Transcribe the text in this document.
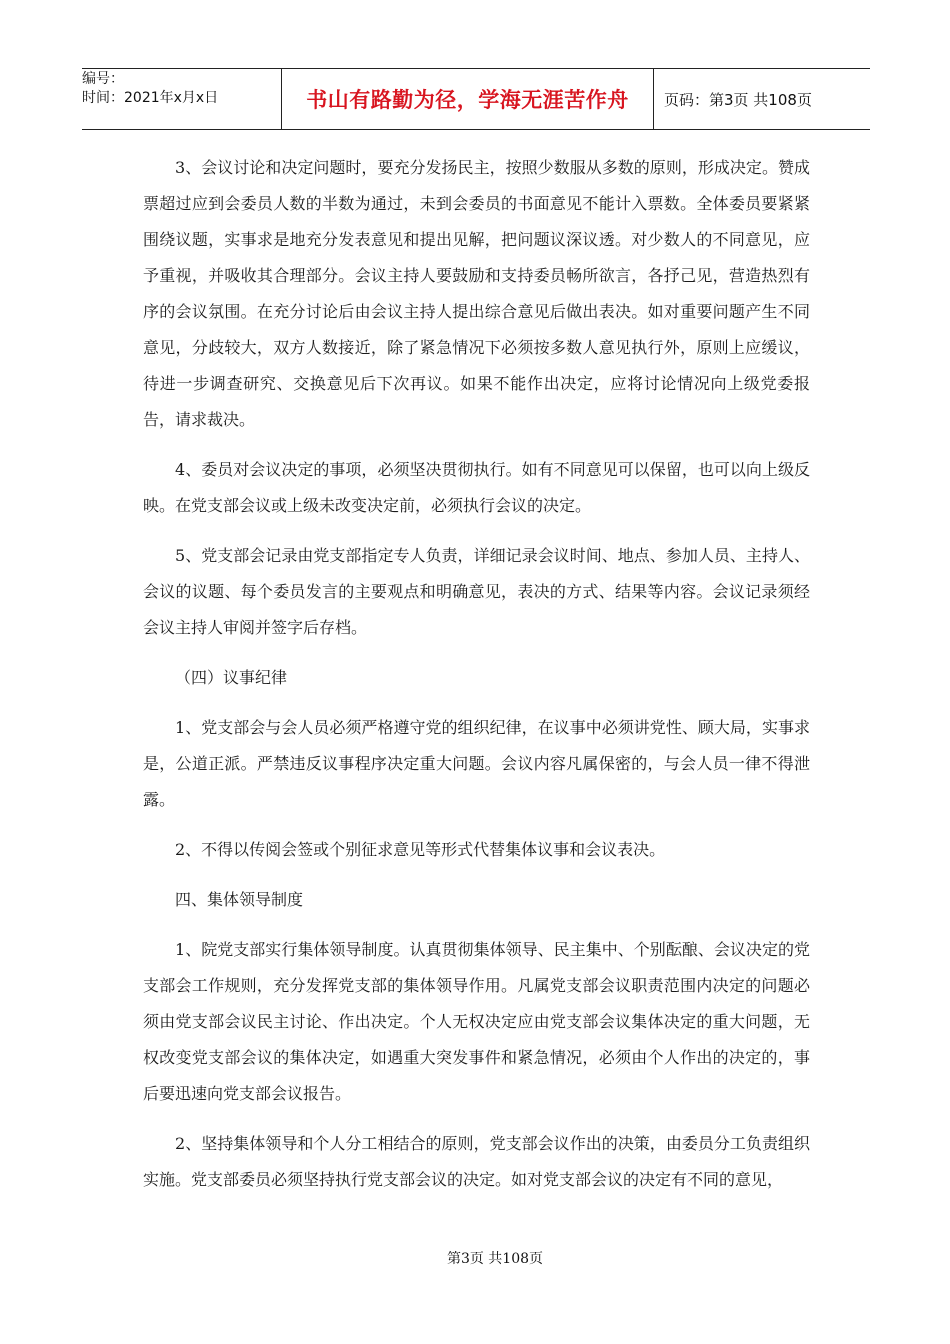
编号：
时间：2021年x月x日	书山有路勤为径，学海无涯苦作舟	页码：第3页 共108页

3、会议讨论和决定问题时，要充分发扬民主，按照少数服从多数的原则，形成决定。赞成票超过应到会委员人数的半数为通过，未到会委员的书面意见不能计入票数。全体委员要紧紧围绕议题，实事求是地充分发表意见和提出见解，把问题议深议透。对少数人的不同意见，应予重视，并吸收其合理部分。会议主持人要鼓励和支持委员畅所欲言，各抒己见，营造热烈有序的会议氛围。在充分讨论后由会议主持人提出综合意见后做出表决。如对重要问题产生不同意见，分歧较大，双方人数接近，除了紧急情况下必须按多数人意见执行外，原则上应缓议，待进一步调查研究、交换意见后下次再议。如果不能作出决定，应将讨论情况向上级党委报告，请求裁决。

4、委员对会议决定的事项，必须坚决贯彻执行。如有不同意见可以保留，也可以向上级反映。在党支部会议或上级未改变决定前，必须执行会议的决定。

5、党支部会记录由党支部指定专人负责，详细记录会议时间、地点、参加人员、主持人、会议的议题、每个委员发言的主要观点和明确意见，表决的方式、结果等内容。会议记录须经会议主持人审阅并签字后存档。

（四）议事纪律

1、党支部会与会人员必须严格遵守党的组织纪律，在议事中必须讲党性、顾大局，实事求是，公道正派。严禁违反议事程序决定重大问题。会议内容凡属保密的，与会人员一律不得泄露。

2、不得以传阅会签或个别征求意见等形式代替集体议事和会议表决。

四、集体领导制度

1、院党支部实行集体领导制度。认真贯彻集体领导、民主集中、个别酝酿、会议决定的党支部会工作规则，充分发挥党支部的集体领导作用。凡属党支部会议职责范围内决定的问题必须由党支部会议民主讨论、作出决定。个人无权决定应由党支部会议集体决定的重大问题，无权改变党支部会议的集体决定，如遇重大突发事件和紧急情况，必须由个人作出的决定的，事后要迅速向党支部会议报告。

2、坚持集体领导和个人分工相结合的原则，党支部会议作出的决策，由委员分工负责组织实施。党支部委员必须坚持执行党支部会议的决定。如对党支部会议的决定有不同的意见，

第3页 共108页
